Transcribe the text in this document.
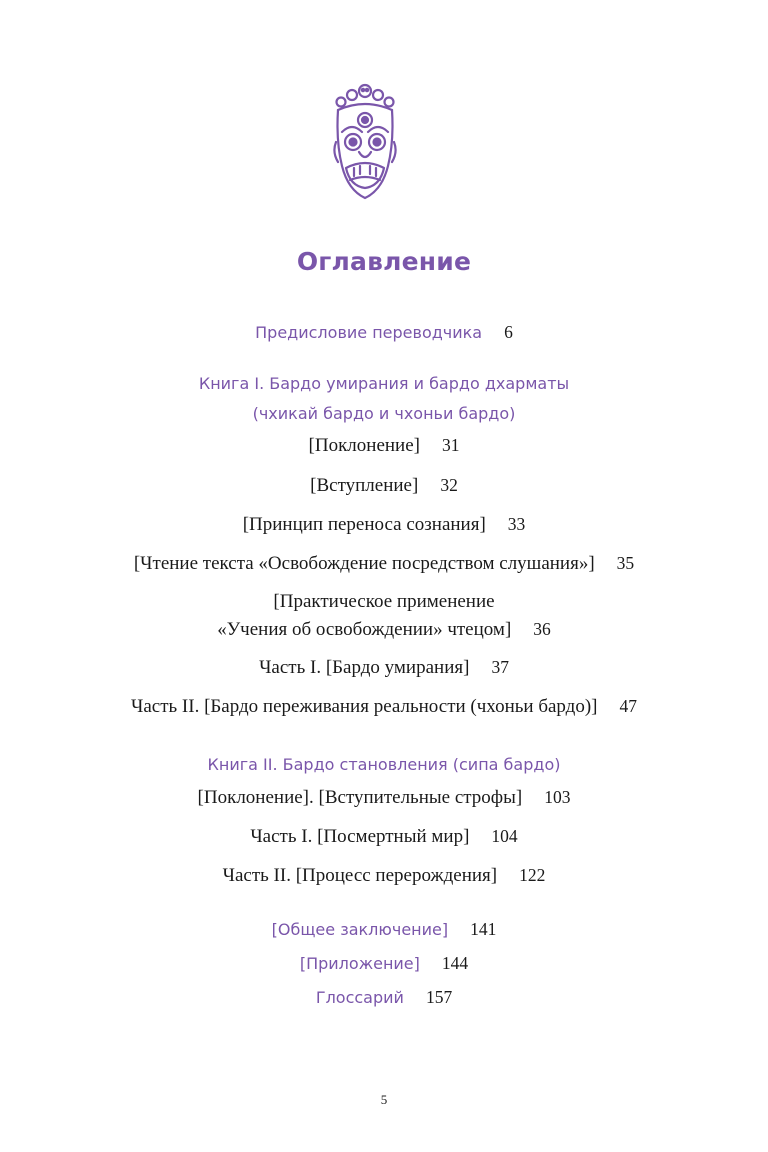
Оглавление
Предисловие переводчика 6
Книга I. Бардо умирания и бардо дхарматы
(чхикай бардо и чхоньи бардо)
[Поклонение] 31
[Вступление] 32
[Принцип переноса сознания] 33
[Чтение текста «Освобождение посредством слушания»] 35
[Практическое применение
«Учения об освобождении» чтецом] 36
Часть I. [Бардо умирания] 37
Часть II. [Бардо переживания реальности (чхоньи бардо)] 47
Книга II. Бардо становления (сипа бардо)
[Поклонение]. [Вступительные строфы] 103
Часть I. [Посмертный мир] 104
Часть II. [Процесс перерождения] 122
[Общее заключение] 141
[Приложение] 144
Глоссарий 157
5
